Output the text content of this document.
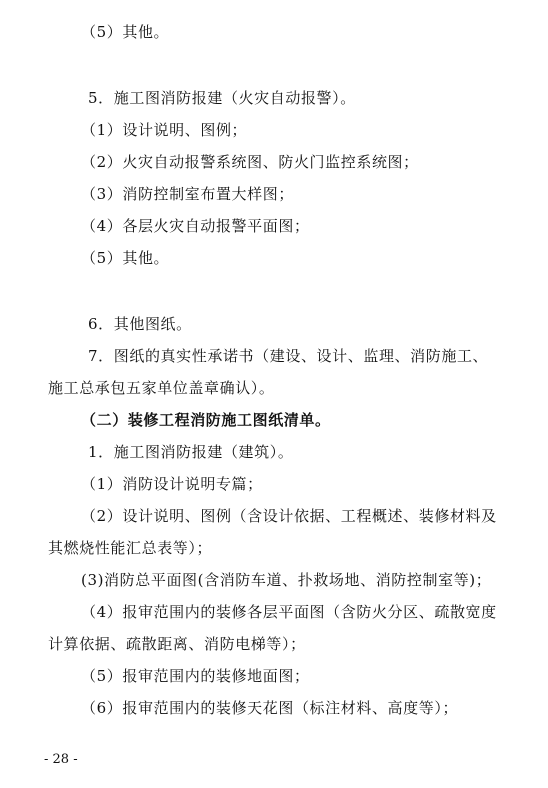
（5）其他。
5．施工图消防报建（火灾自动报警）。
（1）设计说明、图例；
（2）火灾自动报警系统图、防火门监控系统图；
（3）消防控制室布置大样图；
（4）各层火灾自动报警平面图；
（5）其他。
6．其他图纸。
7．图纸的真实性承诺书（建设、设计、监理、消防施工、
施工总承包五家单位盖章确认）。
（二）装修工程消防施工图纸清单。
1．施工图消防报建（建筑）。
（1）消防设计说明专篇；
（2）设计说明、图例（含设计依据、工程概述、装修材料及
其燃烧性能汇总表等）；
(3)消防总平面图(含消防车道、扑救场地、消防控制室等)；
（4）报审范围内的装修各层平面图（含防火分区、疏散宽度
计算依据、疏散距离、消防电梯等）；
（5）报审范围内的装修地面图；
（6）报审范围内的装修天花图（标注材料、高度等）；
- 28 -
